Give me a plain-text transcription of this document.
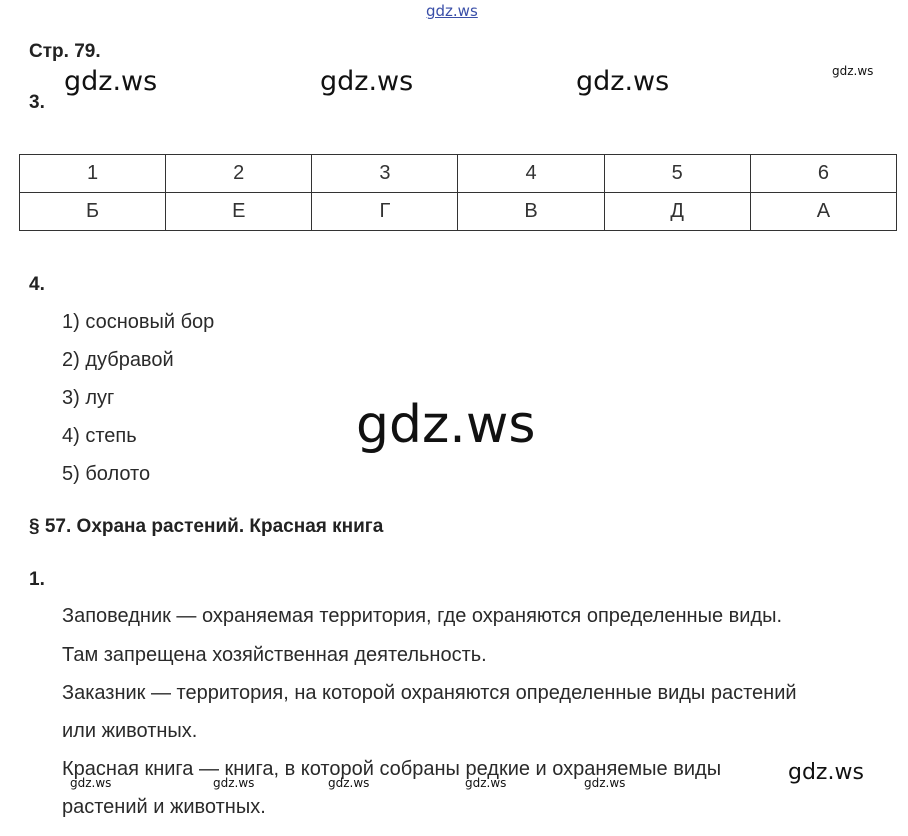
gdz.ws
Стр. 79.
gdz.ws	gdz.ws	gdz.ws	gdz.ws
3.
1	2	3	4	5	6
Б	Е	Г	В	Д	А
4.
1) сосновый бор
2) дубравой
3) луг
4) степь
5) болото
gdz.ws
§ 57. Охрана растений. Красная книга
1.
Заповедник — охраняемая территория, где охраняются определенные виды.
Там запрещена хозяйственная деятельность.
Заказник — территория, на которой охраняются определенные виды растений
или животных.
Красная книга — книга, в которой собраны редкие и охраняемые виды
растений и животных.
gdz.ws
gdz.ws	gdz.ws	gdz.ws	gdz.ws	gdz.ws
